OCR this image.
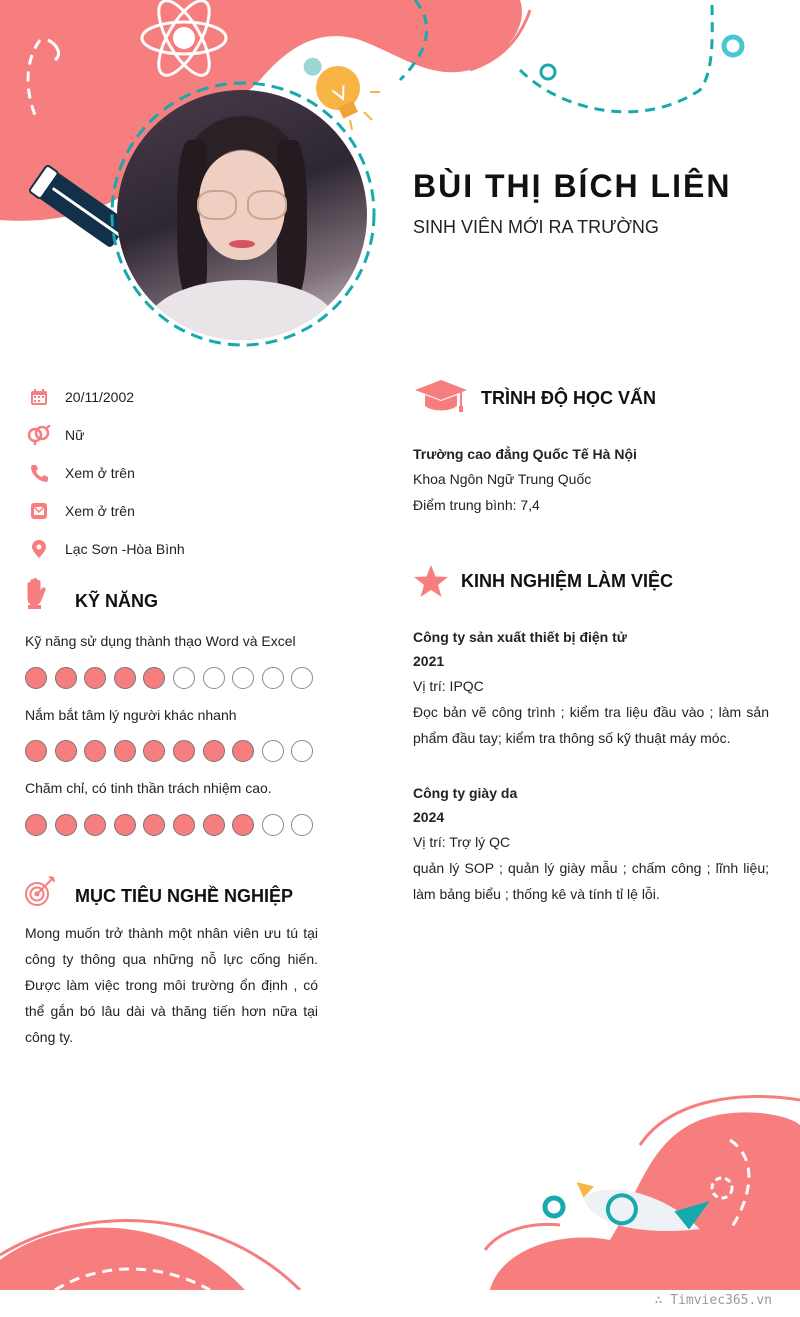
BÙI THỊ BÍCH LIÊN
SINH VIÊN MỚI RA TRƯỜNG
20/11/2002
Nữ
Xem ở trên
Xem ở trên
Lạc Sơn -Hòa Bình
KỸ NĂNG
Kỹ năng sử dụng thành thạo Word và Excel
Nắm bắt tâm lý người khác nhanh
Chăm chỉ, có tinh thần trách nhiệm cao.
MỤC TIÊU NGHỀ NGHIỆP
Mong muốn trở thành một nhân viên ưu tú tại công ty thông qua những nỗ lực cống hiến. Được làm việc trong môi trường ổn định , có thể gắn bó lâu dài và thăng tiến hơn nữa tại công ty.
TRÌNH ĐỘ HỌC VẤN
Trường cao đẳng Quốc Tế Hà Nội
Khoa Ngôn Ngữ Trung Quốc
Điểm trung bình: 7,4
KINH NGHIỆM LÀM VIỆC
Công ty sản xuất thiết bị điện tử
2021
Vị trí: IPQC
Đọc bản vẽ công trình ; kiểm tra liệu đầu vào ; làm sản phẩm đầu tay; kiểm tra thông số kỹ thuật máy móc.
Công ty giày da
2024
Vị trí: Trợ lý QC
quản lý SOP ; quản lý giày mẫu ; chấm công ; lĩnh liệu; làm bảng biểu ; thống kê và tính tỉ lệ lỗi.
∴ Timviec365.vn
